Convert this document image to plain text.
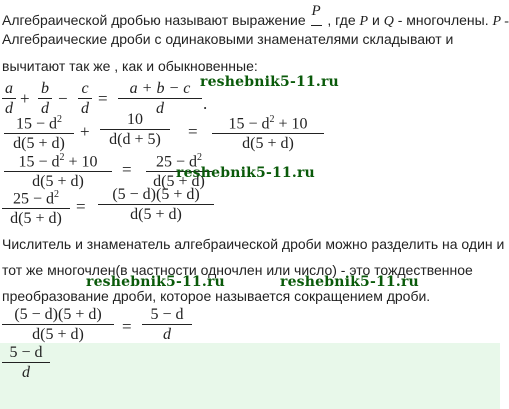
Алгебраической дробью называют выражение
P
, где P и Q - многочлены. P -
Алгебраические дроби с одинаковыми знаменателями складывают и
вычитают так же , как и обыкновенные:
a
d
+
b
d
−
c
d
=
a + b − c
d	.
reshebnik5-11.ru
$15 - d^2$
d(5 + d)
+
10
d(d + 5)	=	$15 - d^2 + 10$
d(5 + d)
$15 - d^2 + 10$
d(5 + d)
=	$25 - d^2$
d(5 + d)
reshebnik5-11.ru
$25 - d^2$
d(5 + d)
=
(5 − d)(5 + d)
d(5 + d)
Числитель и знаменатель алгебраической дроби можно разделить на один и
тот же многочлен(в частности одночлен или число) - это тождественное
reshebnik5-11.ru	reshebnik5-11.ru
преобразование дроби, которое называется сокращением дроби.
(5 − d)(5 + d)
d(5 + d)	=
5 − d
d
5 − d
d
